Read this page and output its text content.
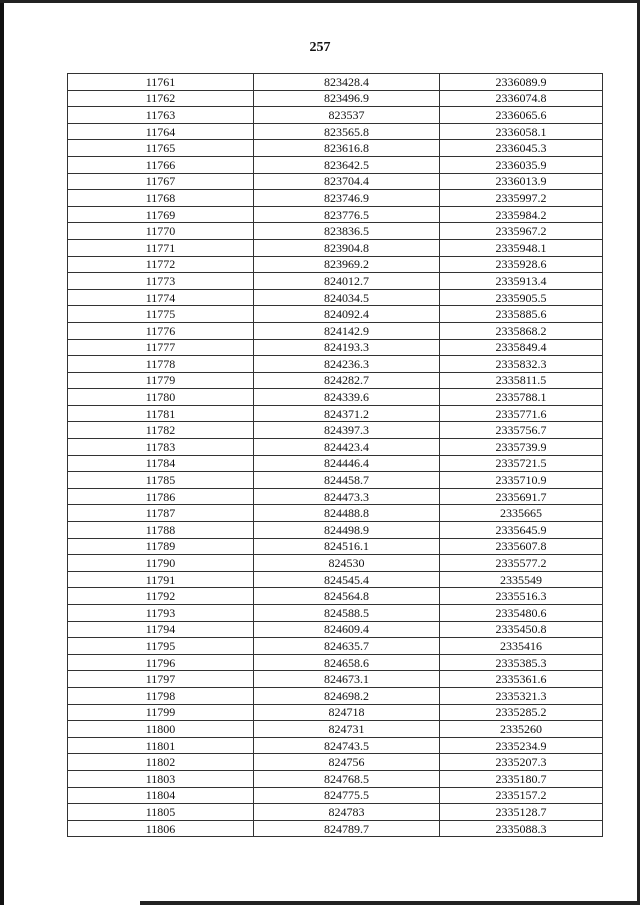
257
11761	823428.4	2336089.9
11762	823496.9	2336074.8
11763	823537	2336065.6
11764	823565.8	2336058.1
11765	823616.8	2336045.3
11766	823642.5	2336035.9
11767	823704.4	2336013.9
11768	823746.9	2335997.2
11769	823776.5	2335984.2
11770	823836.5	2335967.2
11771	823904.8	2335948.1
11772	823969.2	2335928.6
11773	824012.7	2335913.4
11774	824034.5	2335905.5
11775	824092.4	2335885.6
11776	824142.9	2335868.2
11777	824193.3	2335849.4
11778	824236.3	2335832.3
11779	824282.7	2335811.5
11780	824339.6	2335788.1
11781	824371.2	2335771.6
11782	824397.3	2335756.7
11783	824423.4	2335739.9
11784	824446.4	2335721.5
11785	824458.7	2335710.9
11786	824473.3	2335691.7
11787	824488.8	2335665
11788	824498.9	2335645.9
11789	824516.1	2335607.8
11790	824530	2335577.2
11791	824545.4	2335549
11792	824564.8	2335516.3
11793	824588.5	2335480.6
11794	824609.4	2335450.8
11795	824635.7	2335416
11796	824658.6	2335385.3
11797	824673.1	2335361.6
11798	824698.2	2335321.3
11799	824718	2335285.2
11800	824731	2335260
11801	824743.5	2335234.9
11802	824756	2335207.3
11803	824768.5	2335180.7
11804	824775.5	2335157.2
11805	824783	2335128.7
11806	824789.7	2335088.3
